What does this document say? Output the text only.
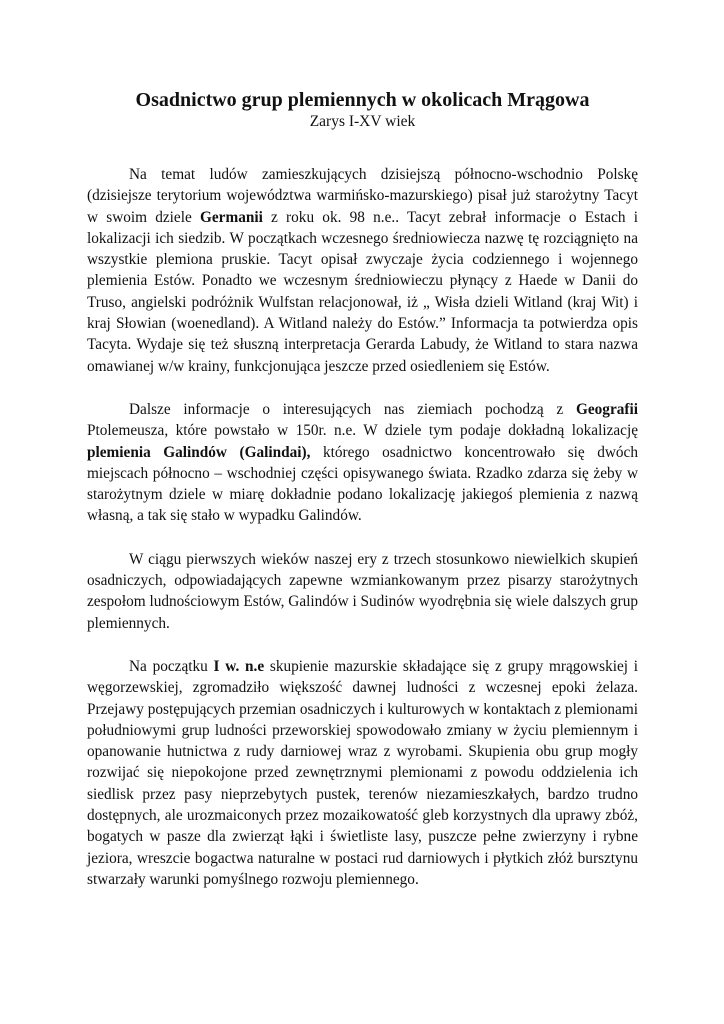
Osadnictwo grup plemiennych w okolicach Mrągowa

Zarys I-XV wiek

Na temat ludów zamieszkujących dzisiejszą północno-wschodnio Polskę (dzisiejsze terytorium województwa warmińsko-mazurskiego) pisał już starożytny Tacyt w swoim dziele Germanii z roku ok. 98 n.e.. Tacyt zebrał informacje o Estach i lokalizacji ich siedzib. W początkach wczesnego średniowiecza nazwę tę rozciągnięto na wszystkie plemiona pruskie. Tacyt opisał zwyczaje życia codziennego i wojennego plemienia Estów. Ponadto we wczesnym średniowieczu płynący z Haede w Danii do Truso, angielski podróżnik Wulfstan relacjonował, iż „ Wisła dzieli Witland (kraj Wit) i kraj Słowian (woenedland). A Witland należy do Estów.” Informacja ta potwierdza opis Tacyta. Wydaje się też słuszną interpretacja Gerarda Labudy, że Witland to stara nazwa omawianej w/w krainy, funkcjonująca jeszcze przed osiedleniem się Estów.

Dalsze informacje o interesujących nas ziemiach pochodzą z Geografii Ptolemeusza, które powstało w 150r. n.e. W dziele tym podaje dokładną lokalizację plemienia Galindów (Galindai), którego osadnictwo koncentrowało się dwóch miejscach północno – wschodniej części opisywanego świata. Rzadko zdarza się żeby w starożytnym dziele w miarę dokładnie podano lokalizację jakiegoś plemienia z nazwą własną, a tak się stało w wypadku Galindów.

W ciągu pierwszych wieków naszej ery z trzech stosunkowo niewielkich skupień osadniczych, odpowiadających zapewne wzmiankowanym przez pisarzy starożytnych zespołom ludnościowym Estów, Galindów i Sudinów wyodrębnia się wiele dalszych grup plemiennych.

Na początku I w. n.e skupienie mazurskie składające się z grupy mrągowskiej i węgorzewskiej, zgromadziło większość dawnej ludności z wczesnej epoki żelaza. Przejawy postępujących przemian osadniczych i kulturowych w kontaktach z plemionami południowymi grup ludności przeworskiej spowodowało zmiany w życiu plemiennym i opanowanie hutnictwa z rudy darniowej wraz z wyrobami. Skupienia obu grup mogły rozwijać się niepokojone przed zewnętrznymi plemionami z powodu oddzielenia ich siedlisk przez pasy nieprzebytych pustek, terenów niezamieszkałych, bardzo trudno dostępnych, ale urozmaiconych przez mozaikowatość gleb korzystnych dla uprawy zbóż, bogatych w pasze dla zwierząt łąki i świetliste lasy, puszcze pełne zwierzyny i rybne jeziora, wreszcie bogactwa naturalne w postaci rud darniowych i płytkich złóż bursztynu stwarzały warunki pomyślnego rozwoju plemiennego.
